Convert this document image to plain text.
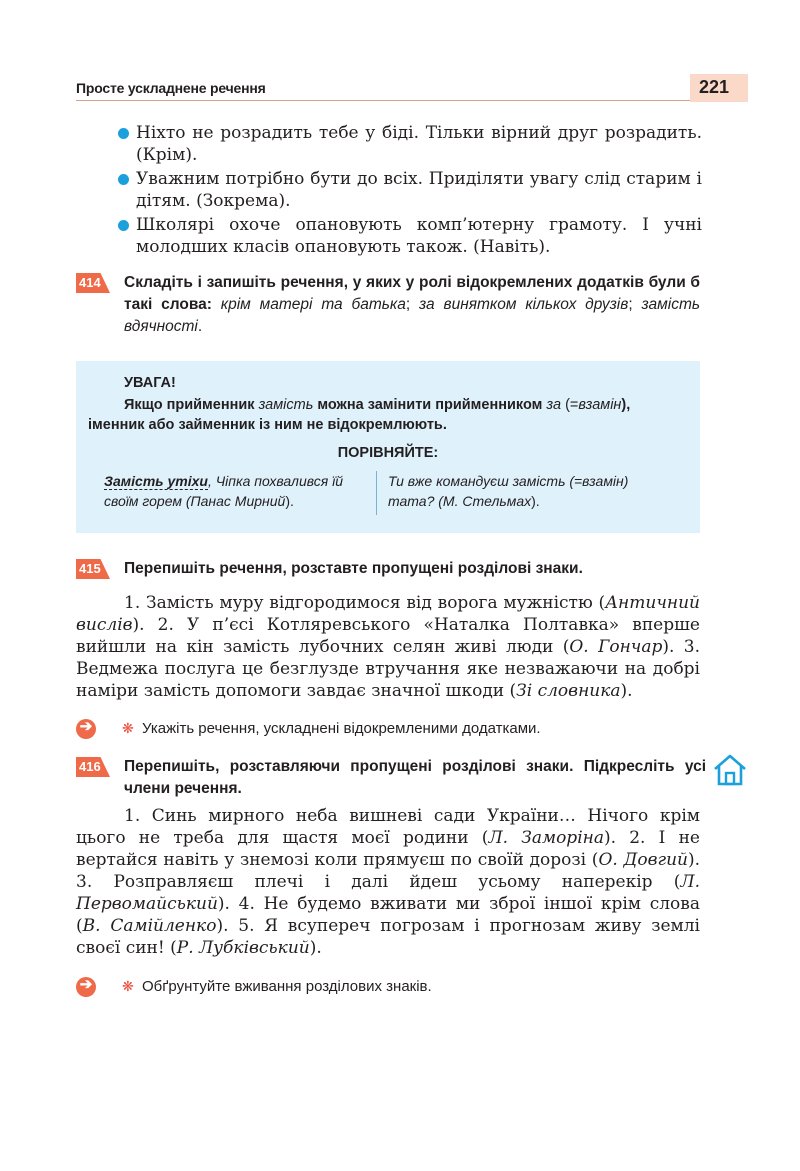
Просте ускладнене речення	221
Ніхто не розрадить тебе у біді. Тільки вірний друг розрадить. (Крім).
Уважним потрібно бути до всіх. Приділяти увагу слід старим і дітям. (Зокрема).
Школярі охоче опановують комп’ютерну грамоту. І учні молодших класів опановують також. (Навіть).
414 Складіть і запишіть речення, у яких у ролі відокремлених додатків були б такі слова: крім матері та батька; за винятком кількох друзів; замість вдячності.
УВАГА!
Якщо прийменник замість можна замінити прийменником за (=взамін), іменник або займенник із ним не відокремлюють.
ПОРІВНЯЙТЕ:
Замість утіхи, Чіпка похвалився їй своїм горем (Панас Мирний).
Ти вже командуєш замість (=взамін) тата? (М. Стельмах).
415 Перепишіть речення, розставте пропущені розділові знаки.
1. Замість муру відгородимося від ворога мужністю (Античний вислів). 2. У п’єсі Котляревського «Наталка Полтавка» вперше вийшли на кін замість лубочних селян живі люди (О. Гончар). 3. Ведмежа послуга це безглузде втручання яке незважаючи на добрі наміри замість допомоги завдає значної шкоди (Зі словника).
➔ ❋ Укажіть речення, ускладнені відокремленими додатками.
416 Перепишіть, розставляючи пропущені розділові знаки. Підкресліть усі члени речення.
1. Синь мирного неба вишневі сади України… Нічого крім цього не треба для щастя моєї родини (Л. Заморіна). 2. І не вертайся навіть у знемозі коли прямуєш по своїй дорозі (О. Довгий). 3. Розправляєш плечі і далі йдеш усьому наперекір (Л. Первомайський). 4. Не будемо вживати ми зброї іншої крім слова (В. Самійленко). 5. Я всупереч погрозам і прогнозам живу землі своєї син! (Р. Лубківський).
➔ ❋ Обґрунтуйте вживання розділових знаків.
